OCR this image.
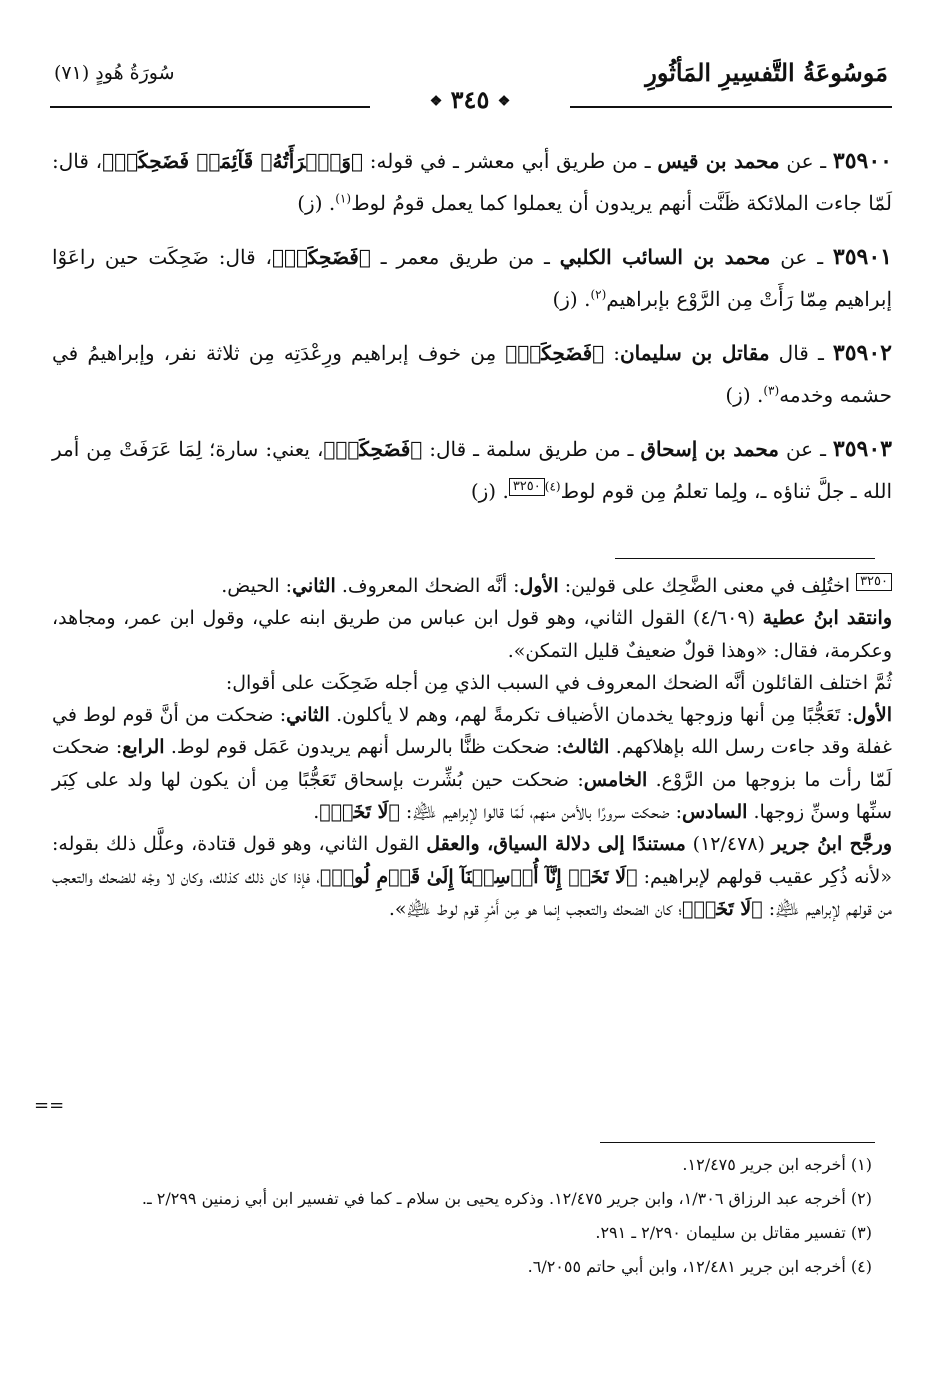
سُورَةُ هُودٍ (٧١)	مَوسُوعَةُ التَّفسِيرِ المَأثُورِ
❖ ٣٤٥ ❖

٣٥٩٠٠ ـ عن محمد بن قيس ـ من طريق أبي معشر ـ في قوله: ﴿وَٱمۡرَأَتُهُۥ قَآئِمَةٞ فَضَحِكَتۡ﴾، قال: لَمّا جاءت الملائكة ظَنَّت أنهم يريدون أن يعملوا كما يعمل قومُ لوط$^{(١)}$. (ز)

٣٥٩٠١ ـ عن محمد بن السائب الكلبي ـ من طريق معمر ـ ﴿فَضَحِكَتۡ﴾، قال: ضَحِكَت حين راعَوْا إبراهيم مِمّا رَأَتْ مِن الرَّوْع بإبراهيم$^{(٢)}$. (ز)

٣٥٩٠٢ ـ قال مقاتل بن سليمان: ﴿فَضَحِكَتۡ﴾ مِن خوف إبراهيم ورِعْدَتِه مِن ثلاثة نفر، وإبراهيمُ في حشمه وخدمه$^{(٣)}$. (ز)

٣٥٩٠٣ ـ عن محمد بن إسحاق ـ من طريق سلمة ـ قال: ﴿فَضَحِكَتۡ﴾، يعني: سارة؛ لِمَا عَرَفَتْ مِن أمر الله ـ جلَّ ثناؤه ـ، ولِما تعلمُ مِن قوم لوط$^{(٤)}$٣٢٥٠. (ز)

٣٢٥٠ اختُلِف في معنى الضَّحِك على قولين: الأول: أنَّه الضحك المعروف. الثاني: الحيض.

وانتقد ابنُ عطية (٤/٦٠٩) القول الثاني، وهو قول ابن عباس من طريق ابنه علي، وقول ابن عمر، ومجاهد، وعكرمة، فقال: «وهذا قولٌ ضعيفٌ قليل التمكن».

ثُمَّ اختلف القائلون أنَّه الضحك المعروف في السبب الذي مِن أجله ضَحِكَت على أقوال:

الأول: تَعَجُّبًا مِن أنها وزوجها يخدمان الأضياف تكرمةً لهم، وهم لا يأكلون. الثاني: ضحكت من أنَّ قوم لوط في غفلة وقد جاءت رسل الله بإهلاكهم. الثالث: ضحكت ظنًّا بالرسل أنهم يريدون عَمَل قوم لوط. الرابع: ضحكت لَمّا رأت ما بزوجها من الرَّوْع. الخامس: ضحكت حين بُشِّرت بإسحاق تَعَجُّبًا مِن أن يكون لها ولد على كِبَر سنِّها وسنِّ زوجها. السادس: ضحكت سرورًا بالأمن منهم، لَمّا قالوا لإبراهيم ﵇: ﴿لَا تَخَفۡ﴾.

ورجَّح ابنُ جرير (١٢/٤٧٨) مستندًا إلى دلالة السياق، والعقل القول الثاني، وهو قول قتادة، وعلَّل ذلك بقوله: «لأنه ذُكِر عقيب قولهم لإبراهيم: ﴿لَا تَخَفۡ إِنَّآ أُرۡسِلۡنَآ إِلَىٰ قَوۡمِ لُوطٖ﴾، فإذا كان ذلك كذلك، وكان لا وجْه للضحك والتعجب من قولهم لإبراهيم ﵇: ﴿لَا تَخَفۡ﴾؛ كان الضحك والتعجب إنما هو مِن أَمْرِ قوم لوط ﵇».

==

(١) أخرجه ابن جرير ١٢/٤٧٥.

(٢) أخرجه عبد الرزاق ١/٣٠٦، وابن جرير ١٢/٤٧٥. وذكره يحيى بن سلام ـ كما في تفسير ابن أبي زمنين ٢/٢٩٩ ـ.

(٣) تفسير مقاتل بن سليمان ٢/٢٩٠ ـ ٢٩١.

(٤) أخرجه ابن جرير ١٢/٤٨١، وابن أبي حاتم ٦/٢٠٥٥.
